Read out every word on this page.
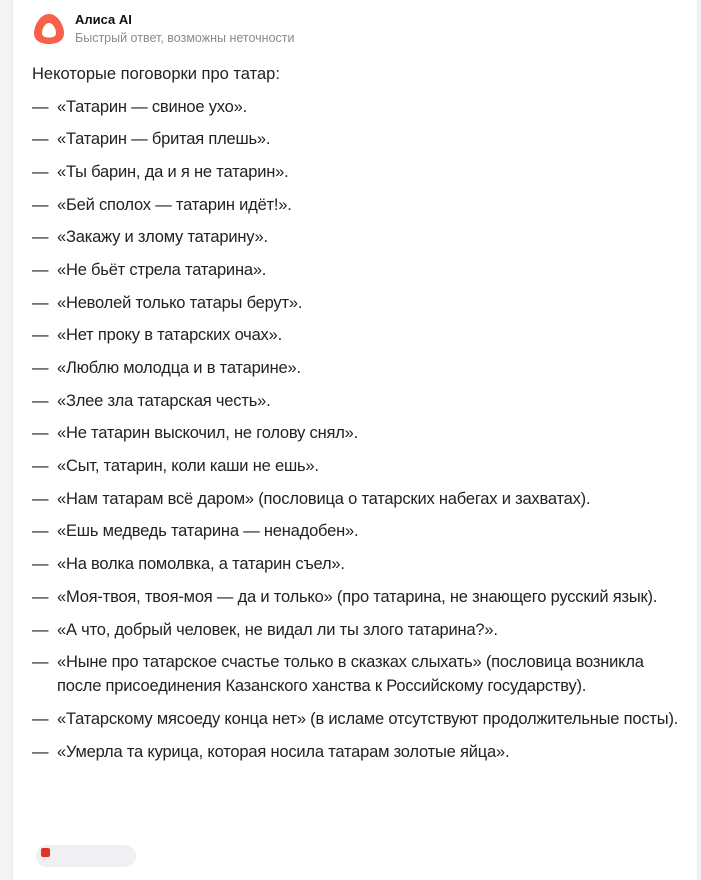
Алиса AI
Быстрый ответ, возможны неточности

Некоторые поговорки про татар:

— «Татарин — свиное ухо».
— «Татарин — бритая плешь».
— «Ты барин, да и я не татарин».
— «Бей сполох — татарин идёт!».
— «Закажу и злому татарину».
— «Не бьёт стрела татарина».
— «Неволей только татары берут».
— «Нет проку в татарских очах».
— «Люблю молодца и в татарине».
— «Злее зла татарская честь».
— «Не татарин выскочил, не голову снял».
— «Сыт, татарин, коли каши не ешь».
— «Нам татарам всё даром» (пословица о татарских набегах и захватах).
— «Ешь медведь татарина — ненадобен».
— «На волка помолвка, а татарин съел».
— «Моя-твоя, твоя-моя — да и только» (про татарина, не знающего русский язык).
— «А что, добрый человек, не видал ли ты злого татарина?».
— «Ныне про татарское счастье только в сказках слыхать» (пословица возникла после присоединения Казанского ханства к Российскому государству).
— «Татарскому мясоеду конца нет» (в исламе отсутствуют продолжительные посты).
— «Умерла та курица, которая носила татарам золотые яйца».
